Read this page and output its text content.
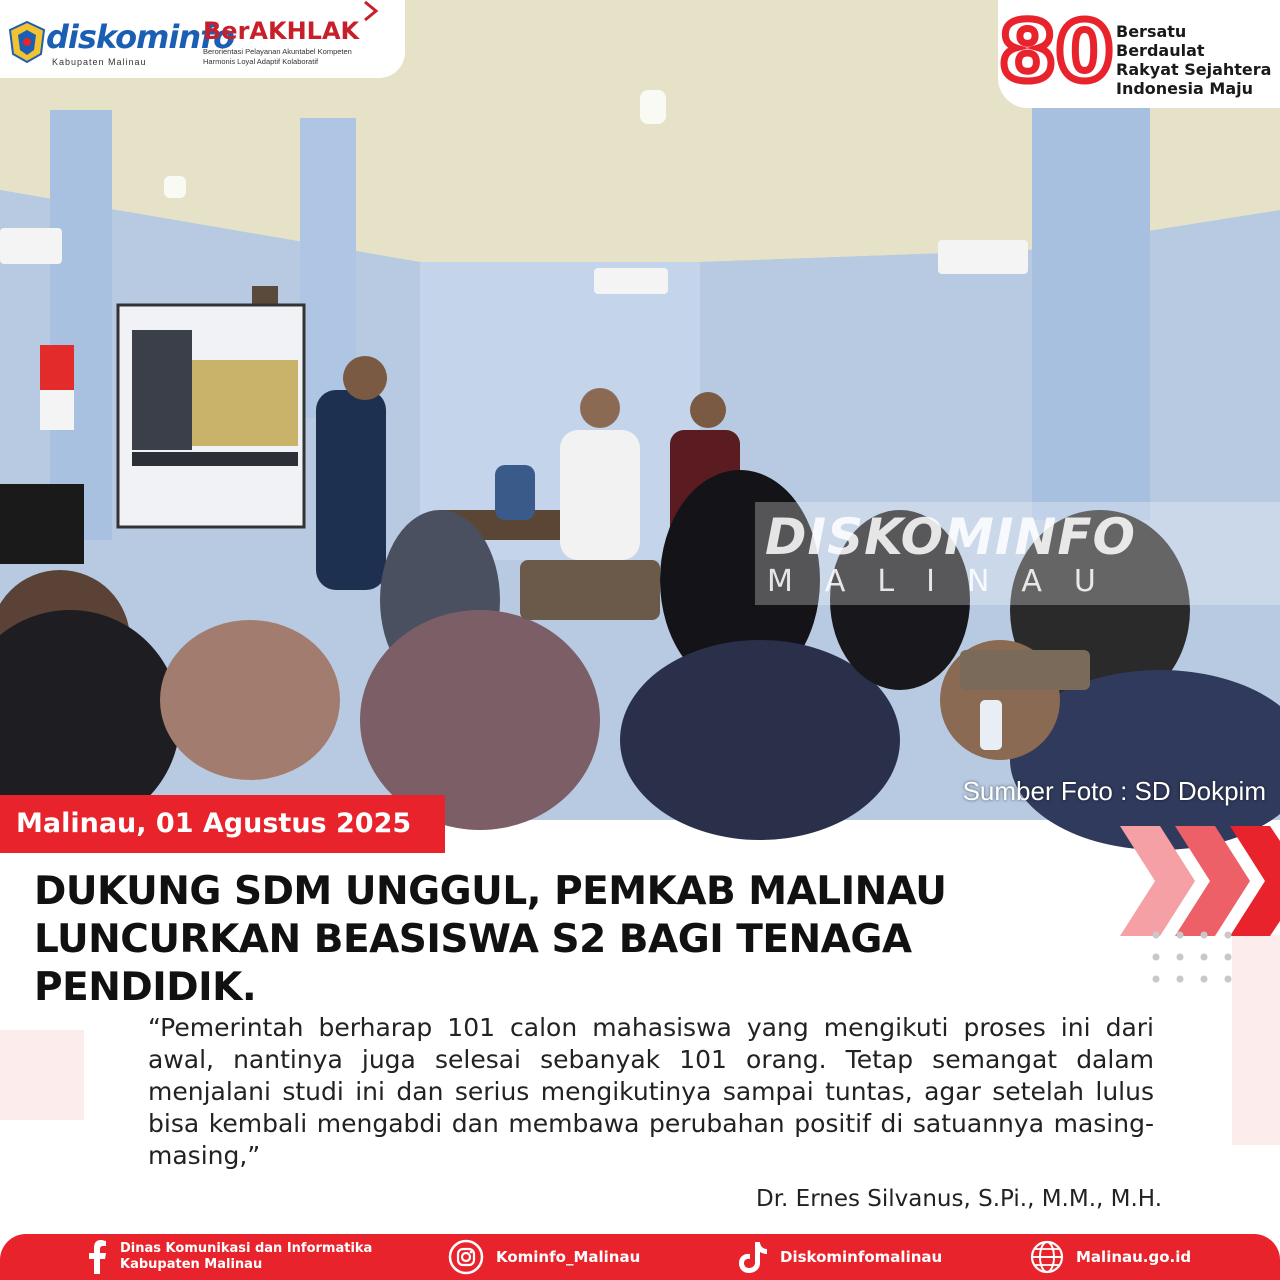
DISKOMINFO
MALINAU
Sumber Foto : SD Dokpim
diskominfo
Kabupaten Malinau
BerAKHLAK
Berorientasi Pelayanan Akuntabel Kompeten
Harmonis Loyal Adaptif Kolaboratif	80 Bersatu Berdaulat
Rakyat Sejahtera
Indonesia Maju
Malinau, 01 Agustus 2025
DUKUNG SDM UNGGUL, PEMKAB MALINAU
LUNCURKAN BEASISWA S2 BAGI TENAGA
PENDIDIK.
“Pemerintah berharap 101 calon mahasiswa yang mengikuti proses ini dari awal, nantinya juga selesai sebanyak 101 orang. Tetap semangat dalam menjalani studi ini dan serius mengikutinya sampai tuntas, agar setelah lulus bisa kembali mengabdi dan membawa perubahan positif di satuannya masing-masing,”
Dr. Ernes Silvanus, S.Pi., M.M., M.H.
Dinas Komunikasi dan Informatika
Kabupaten Malinau	Kominfo_Malinau	Diskominfomalinau	Malinau.go.id
